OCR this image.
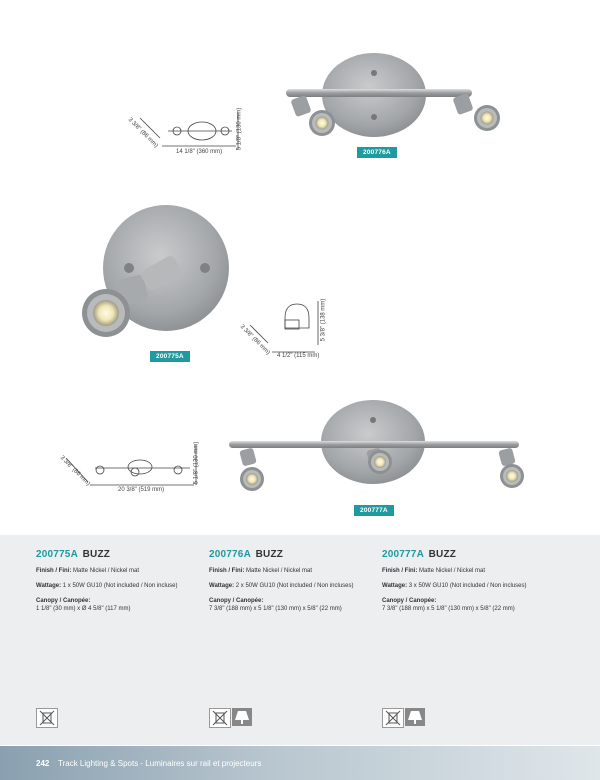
14 1/8" (360 mm)
5 1/8" (130 mm)
3 3/8" (86 mm)
200776A
4 1/2" (115 mm)
5 3/8" (138 mm)
3 3/8" (86 mm)
200775A
20 3/8" (519 mm)
5 1/8" (130 mm)
3 3/8" (86 mm)
200777A
200775A BUZZ
Finish / Fini: Matte Nickel / Nickel mat
Wattage: 1 x 50W GU10 (Not included / Non incluse)
Canopy / Canopée:
1 1/8" (30 mm) x Ø 4 5/8" (117 mm)
200776A BUZZ
Finish / Fini: Matte Nickel / Nickel mat
Wattage: 2 x 50W GU10 (Not included / Non incluses)
Canopy / Canopée:
7 3/8" (188 mm) x 5 1/8" (130 mm) x 5/8" (22 mm)
200777A BUZZ
Finish / Fini: Matte Nickel / Nickel mat
Wattage: 3 x 50W GU10 (Not included / Non incluses)
Canopy / Canopée:
7 3/8" (188 mm) x 5 1/8" (130 mm) x 5/8" (22 mm)
242 Track Lighting & Spots - Luminaires sur rail et projecteurs
